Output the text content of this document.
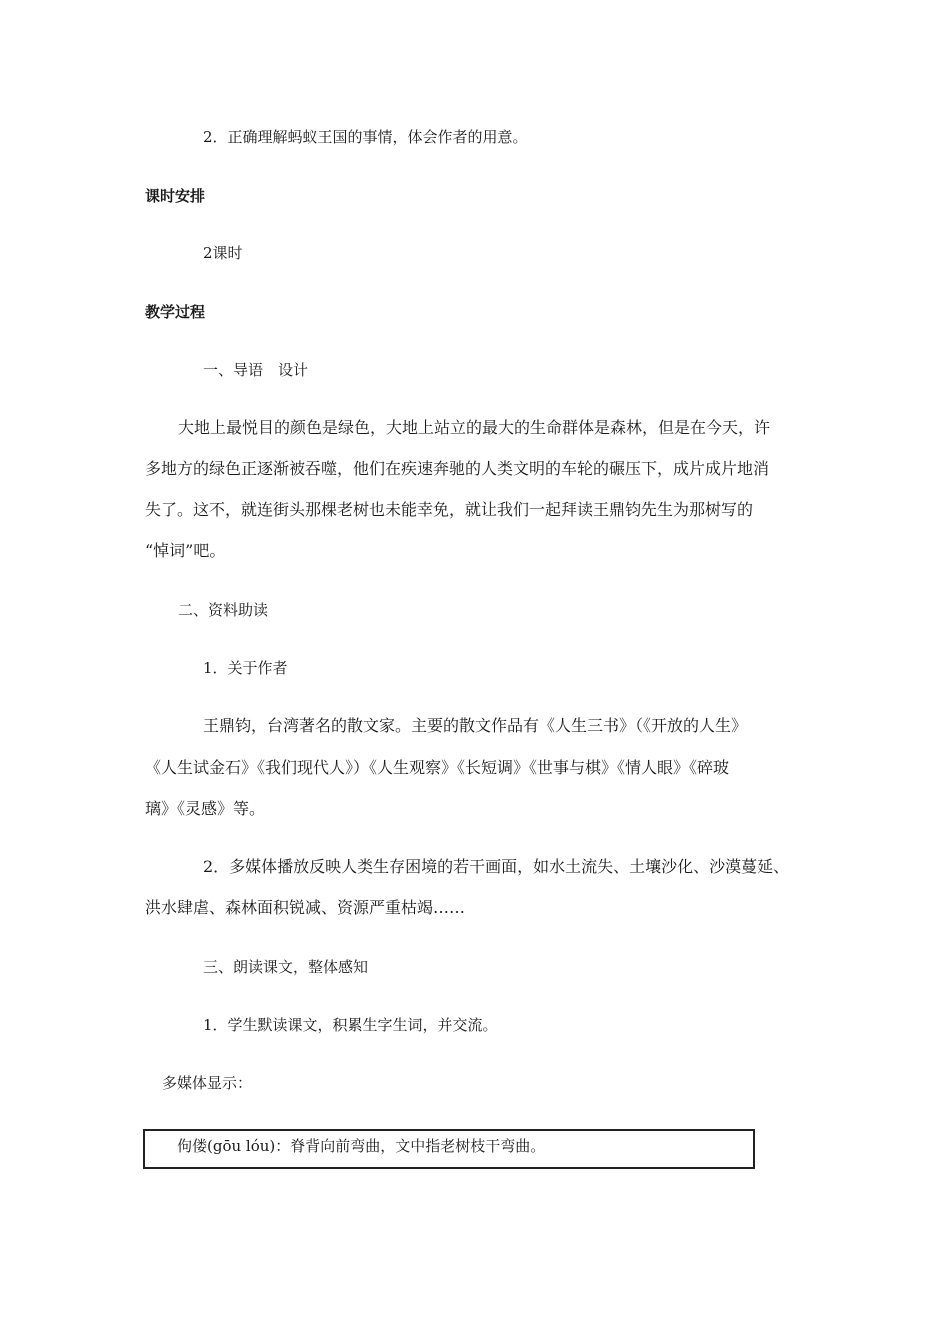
2．正确理解蚂蚁王国的事情，体会作者的用意。

课时安排

2课时

教学过程

一、导语　设计

大地上最悦目的颜色是绿色，大地上站立的最大的生命群体是森林，但是在今天，许
多地方的绿色正逐渐被吞噬，他们在疾速奔驰的人类文明的车轮的碾压下，成片成片地消
失了。这不，就连街头那棵老树也未能幸免，就让我们一起拜读王鼎钧先生为那树写的
“悼词”吧。

二、资料助读

1．关于作者

王鼎钧，台湾著名的散文家。主要的散文作品有《人生三书》（《开放的人生》
《人生试金石》《我们现代人》）《人生观察》《长短调》《世事与棋》《情人眼》《碎玻
璃》《灵感》等。
2．多媒体播放反映人类生存困境的若干画面，如水土流失、土壤沙化、沙漠蔓延、
洪水肆虐、森林面积锐减、资源严重枯竭……

三、朗读课文，整体感知

1．学生默读课文，积累生字生词，并交流。

多媒体显示：

佝偻(gōu lóu)：脊背向前弯曲，文中指老树枝干弯曲。
